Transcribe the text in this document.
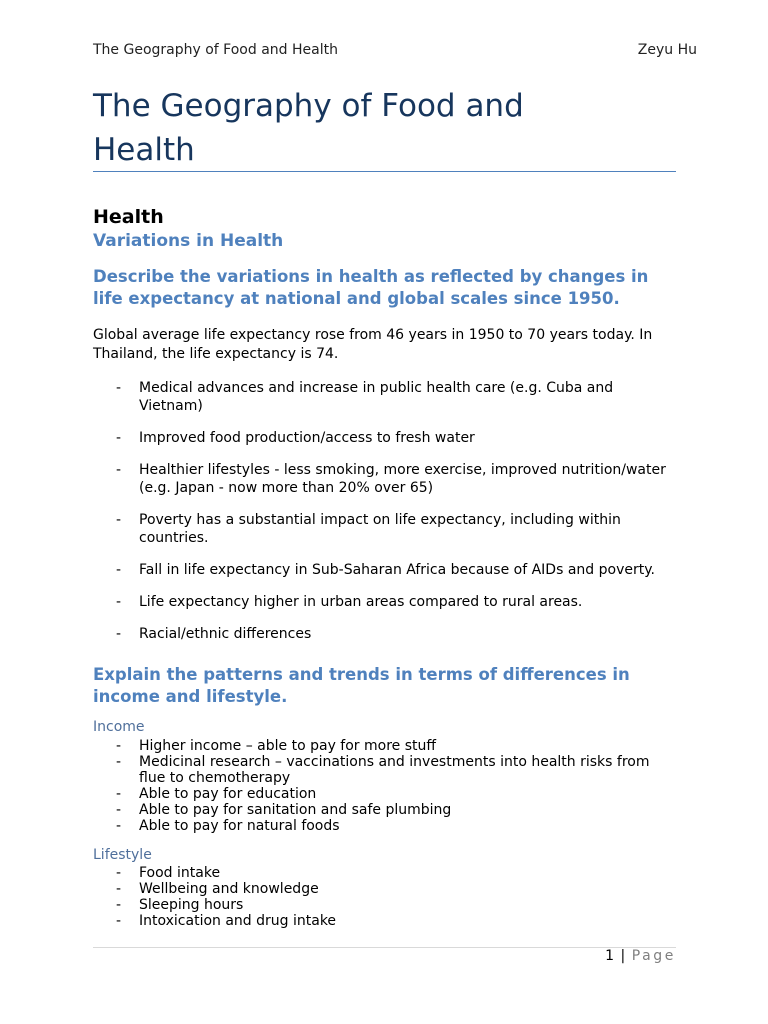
The Geography of Food and Health	Zeyu Hu
The Geography of Food and
Health
Health
Variations in Health
Describe the variations in health as reflected by changes in
life expectancy at national and global scales since 1950.

Global average life expectancy rose from 46 years in 1950 to 70 years today. In
Thailand, the life expectancy is 74.

- Medical advances and increase in public health care (e.g. Cuba and
Vietnam)
- Improved food production/access to fresh water
- Healthier lifestyles - less smoking, more exercise, improved nutrition/water
(e.g. Japan - now more than 20% over 65)
- Poverty has a substantial impact on life expectancy, including within
countries.
- Fall in life expectancy in Sub-Saharan Africa because of AIDs and poverty.
- Life expectancy higher in urban areas compared to rural areas.
- Racial/ethnic differences
Explain the patterns and trends in terms of differences in
income and lifestyle.

Income

- Higher income – able to pay for more stuff
- Medicinal research – vaccinations and investments into health risks from
flue to chemotherapy
- Able to pay for education
- Able to pay for sanitation and safe plumbing
- Able to pay for natural foods

Lifestyle

- Food intake
- Wellbeing and knowledge
- Sleeping hours
- Intoxication and drug intake
1 | Page
